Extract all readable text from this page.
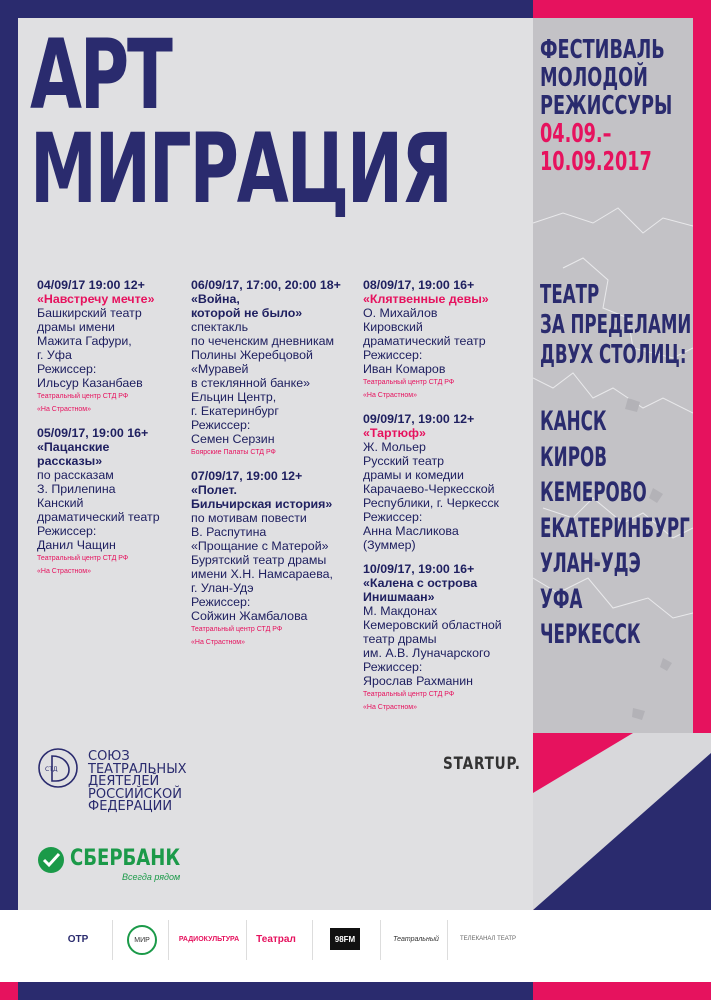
АРТ
МИГРАЦИЯ
ФЕСТИВАЛЬ
МОЛОДОЙ
РЕЖИССУРЫ
04.09.–
10.09.2017
ТЕАТР
ЗА ПРЕДЕЛАМИ
ДВУХ СТОЛИЦ:
КАНСК
КИРОВ
КЕМЕРОВО
ЕКАТЕРИНБУРГ
УЛАН-УДЭ
УФА
ЧЕРКЕССК
04/09/17 19:00 12+
«Навстречу мечте»
Башкирский театр
драмы имени
Мажита Гафури,
г. Уфа
Режиссер:
Ильсур Казанбаев
Театральный центр СТД РФ
«На Страстном»
05/09/17, 19:00 16+
«Пацанские
рассказы»
по рассказам
З. Прилепина
Канский
драматический театр
Режиссер:
Данил Чащин
Театральный центр СТД РФ
«На Страстном»
06/09/17, 17:00, 20:00 18+
«Война,
которой не было»
спектакль
по чеченским дневникам
Полины Жеребцовой
«Муравей
в стеклянной банке»
Ельцин Центр,
г. Екатеринбург
Режиссер:
Семен Серзин
Боярские Палаты СТД РФ
07/09/17, 19:00 12+
«Полет.
Бильчирская история»
по мотивам повести
В. Распутина
«Прощание с Матерой»
Бурятский театр драмы
имени Х.Н. Намсараева,
г. Улан-Удэ
Режиссер:
Сойжин Жамбалова
Театральный центр СТД РФ
«На Страстном»
08/09/17, 19:00 16+
«Клятвенные девы»
О. Михайлов
Кировский
драматический театр
Режиссер:
Иван Комаров
Театральный центр СТД РФ
«На Страстном»
09/09/17, 19:00 12+
«Тартюф»
Ж. Мольер
Русский театр
драмы и комедии
Карачаево-Черкесской
Республики, г. Черкесск
Режиссер:
Анна Масликова
(Зуммер)
10/09/17, 19:00 16+
«Калена с острова
Инишмаан»
М. Макдонах
Кемеровский областной
театр драмы
им. А.В. Луначарского
Режиссер:
Ярослав Рахманин
Театральный центр СТД РФ
«На Страстном»
СТД
СОЮЗ
ТЕАТРАЛЬНЫХ
ДЕЯТЕЛЕЙ
РОССИЙСКОЙ
ФЕДЕРАЦИИ
STARTUP.
СБЕРБАНК
Всегда рядом
ОТР	МИР	РАДИОКУЛЬТУРА Театрал	98FM	Театральный	ТЕЛЕКАНАЛ ТЕАТР
